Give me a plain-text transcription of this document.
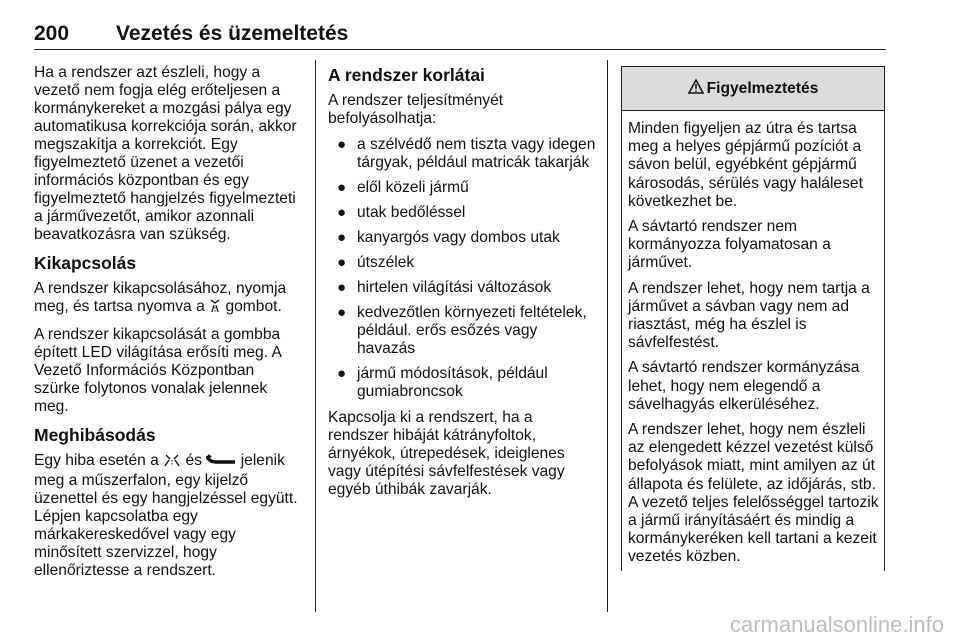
200 Vezetés és üzemeltetés

Ha a rendszer azt észleli, hogy a vezető nem fogja elég erőteljesen a kormánykereket a mozgási pálya egy automatikusa korrekciója során, akkor megszakítja a korrekciót. Egy figyelmeztető üzenet a vezetői információs központban és egy figyelmeztető hangjelzés figyelmezteti a járművezetőt, amikor azonnali beavatkozásra van szükség.

Kikapcsolás

A rendszer kikapcsolásához, nyomja meg, és tartsa nyomva a gombot.

A rendszer kikapcsolását a gombba épített LED világítása erősíti meg. A Vezető Információs Központban szürke folytonos vonalak jelennek meg.

Meghibásodás

Egy hiba esetén a és jelenik meg a műszerfalon, egy kijelző üzenettel és egy hangjelzéssel együtt. Lépjen kapcsolatba egy márkakereskedővel vagy egy minősített szervizzel, hogy ellenőriztesse a rendszert.

A rendszer korlátai

A rendszer teljesítményét befolyásolhatja:

● a szélvédő nem tiszta vagy idegen tárgyak, például matricák takarják
● elől közeli jármű
● utak bedőléssel
● kanyargós vagy dombos utak
● útszélek
● hirtelen világítási változások
● kedvezőtlen környezeti feltételek, például. erős esőzés vagy havazás
● jármű módosítások, például gumiabroncsok

Kapcsolja ki a rendszert, ha a rendszer hibáját kátrányfoltok, árnyékok, útrepedések, ideiglenes vagy útépítési sávfelfestések vagy egyéb úthibák zavarják.

Figyelmeztetés

Minden figyeljen az útra és tartsa meg a helyes gépjármű pozíciót a sávon belül, egyébként gépjármű károsodás, sérülés vagy haláleset következhet be.

A sávtartó rendszer nem kormányozza folyamatosan a járművet.

A rendszer lehet, hogy nem tartja a járművet a sávban vagy nem ad riasztást, még ha észlel is sávfelfestést.

A sávtartó rendszer kormányzása lehet, hogy nem elegendő a sávelhagyás elkerüléséhez.

A rendszer lehet, hogy nem észleli az elengedett kézzel vezetést külső befolyások miatt, mint amilyen az út állapota és felülete, az időjárás, stb. A vezető teljes felelősséggel tartozik a jármű irányításáért és mindig a kormánykeréken kell tartani a kezeit vezetés közben.

carmanualsonline.info
